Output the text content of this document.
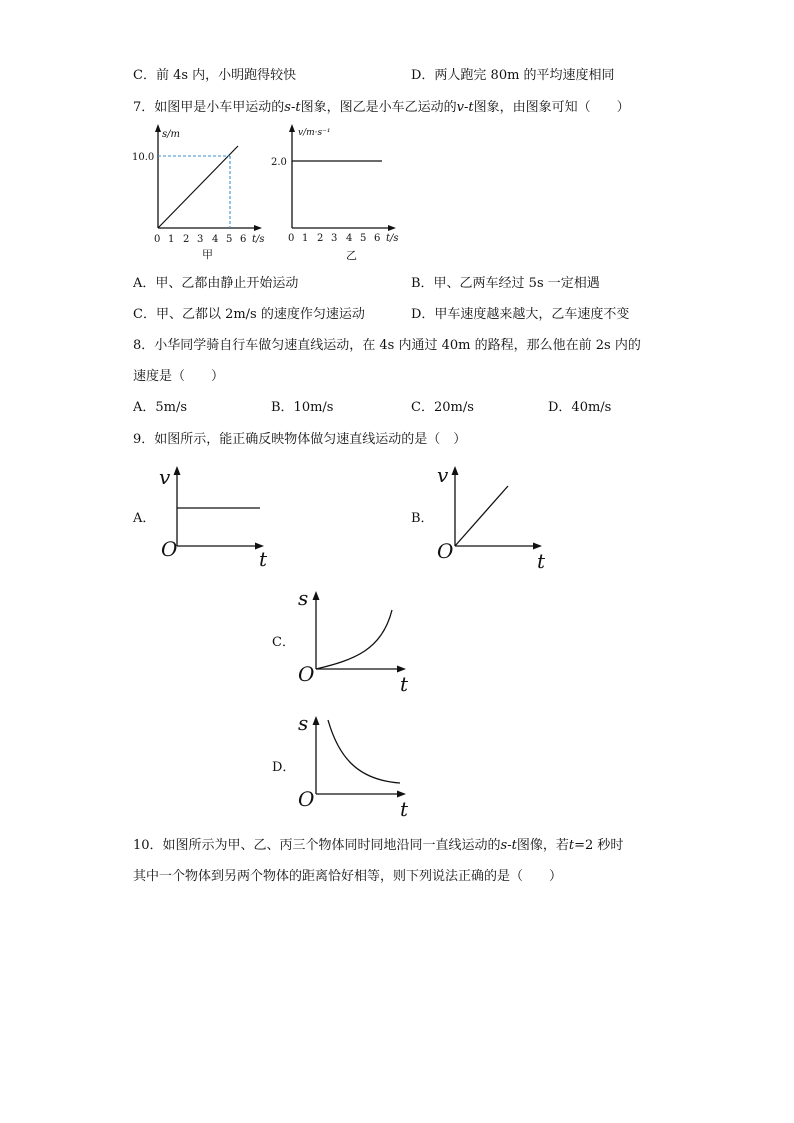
C．前 4s 内，小明跑得较快	D．两人跑完 80m 的平均速度相同
7．如图甲是小车甲运动的s-t图象，图乙是小车乙运动的v-t图象，由图象可知（　　）
s/m
10.0
0 1 2 3 4 5 6 t/s
甲
v/m·s⁻¹
2.0
0 1 2 3 4 5 6 t/s
乙
A．甲、乙都由静止开始运动	B．甲、乙两车经过 5s 一定相遇
C．甲、乙都以 2m/s 的速度作匀速运动	D．甲车速度越来越大，乙车速度不变
8．小华同学骑自行车做匀速直线运动，在 4s 内通过 40m 的路程，那么他在前 2s 内的
速度是（　　）
A．5m/s	B．10m/s	C．20m/s	D．40m/s
9．如图所示，能正确反映物体做匀速直线运动的是（　）
A．
v
O	t
B．
v
O	t
C．
s
O	t
D．
s
O	t
10．如图所示为甲、乙、丙三个物体同时同地沿同一直线运动的s-t图像，若t=2 秒时
其中一个物体到另两个物体的距离恰好相等，则下列说法正确的是（　　）
